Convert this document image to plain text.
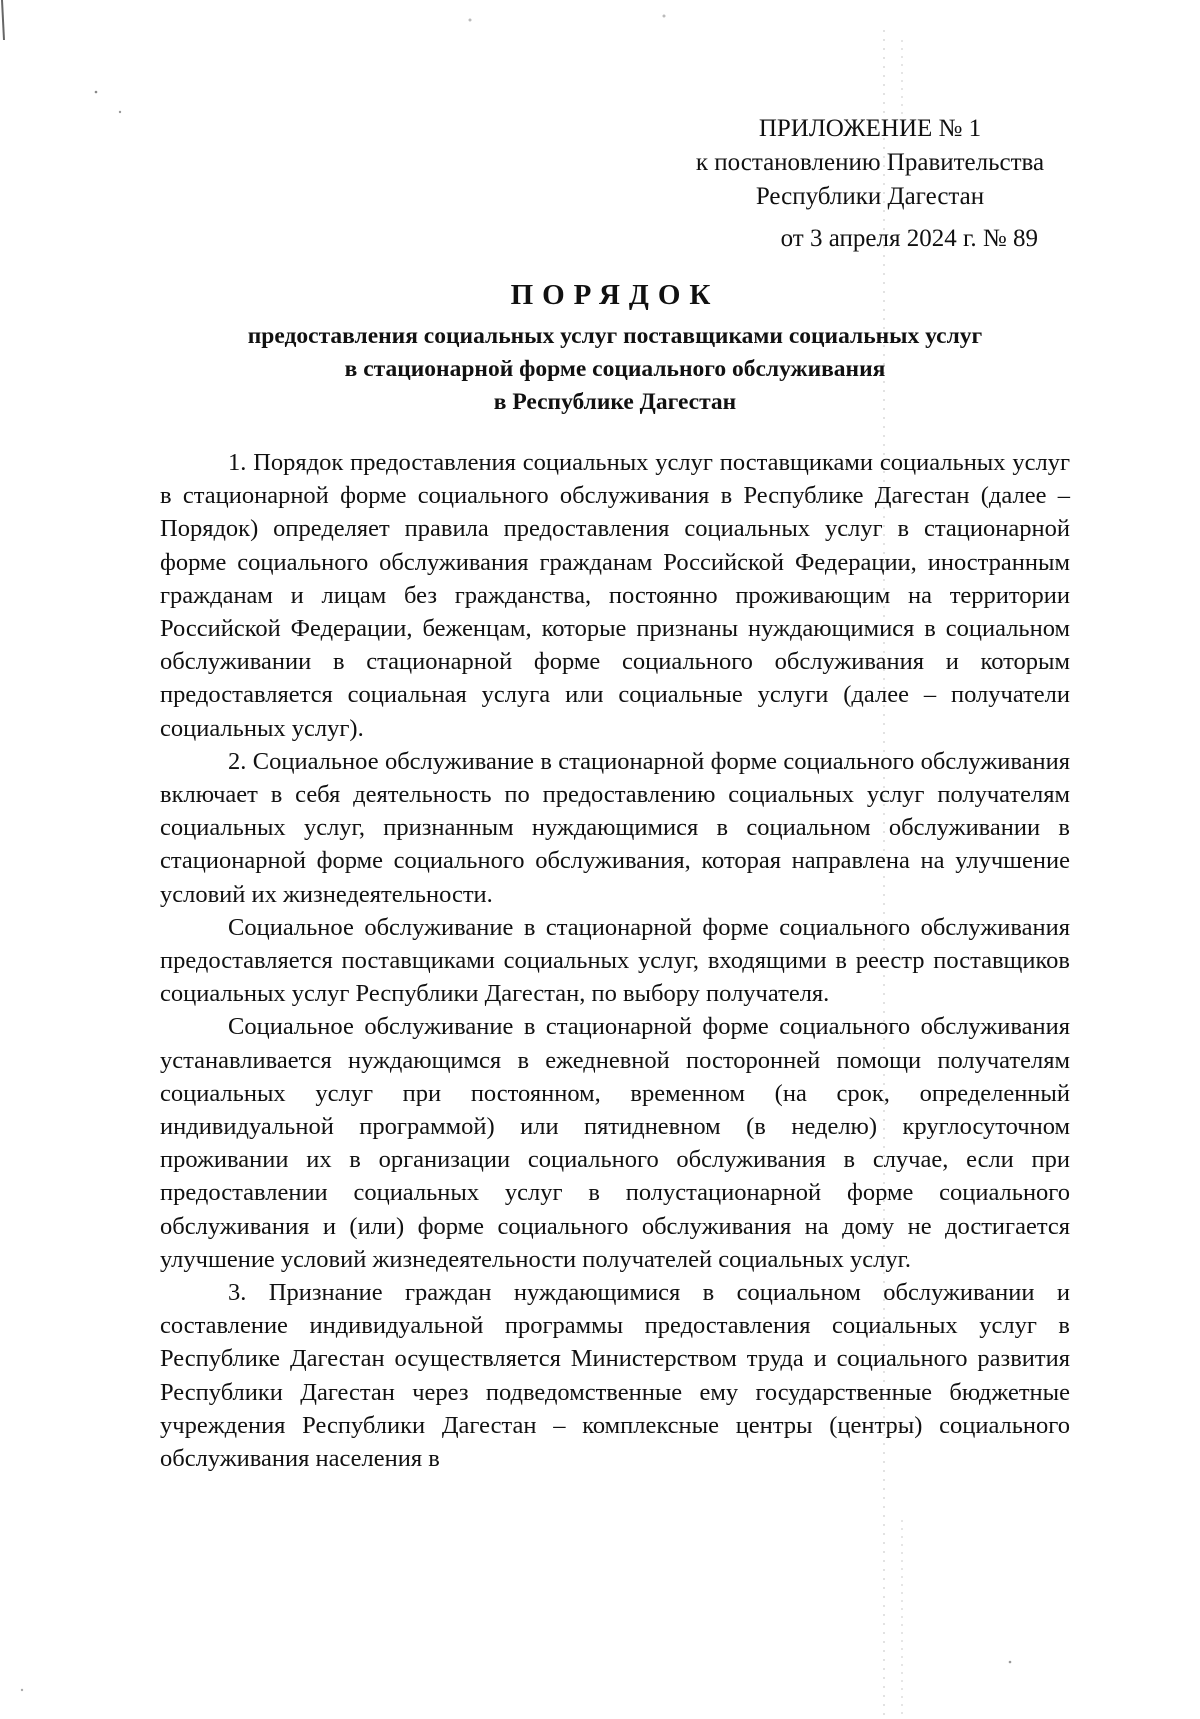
ПРИЛОЖЕНИЕ № 1
к постановлению Правительства
Республики Дагестан
от 3 апреля 2024 г. № 89
ПОРЯДОК
предоставления социальных услуг поставщиками социальных услуг
в стационарной форме социального обслуживания
в Республике Дагестан

1. Порядок предоставления социальных услуг поставщиками социальных услуг в стационарной форме социального обслуживания в Республике Дагестан (далее – Порядок) определяет правила предоставления социальных услуг в стационарной форме социального обслуживания гражданам Российской Федерации, иностранным гражданам и лицам без гражданства, постоянно проживающим на территории Российской Федерации, беженцам, которые признаны нуждающимися в социальном обслуживании в стационарной форме социального обслуживания и которым предоставляется социальная услуга или социальные услуги (далее – получатели социальных услуг).

2. Социальное обслуживание в стационарной форме социального обслуживания включает в себя деятельность по предоставлению социальных услуг получателям социальных услуг, признанным нуждающимися в социальном обслуживании в стационарной форме социального обслуживания, которая направлена на улучшение условий их жизнедеятельности.

Социальное обслуживание в стационарной форме социального обслуживания предоставляется поставщиками социальных услуг, входящими в реестр поставщиков социальных услуг Республики Дагестан, по выбору получателя.

Социальное обслуживание в стационарной форме социального обслуживания устанавливается нуждающимся в ежедневной посторонней помощи получателям социальных услуг при постоянном, временном (на срок, определенный индивидуальной программой) или пятидневном (в неделю) круглосуточном проживании их в организации социального обслуживания в случае, если при предоставлении социальных услуг в полустационарной форме социального обслуживания и (или) форме социального обслуживания на дому не достигается улучшение условий жизнедеятельности получателей социальных услуг.

3. Признание граждан нуждающимися в социальном обслуживании и составление индивидуальной программы предоставления социальных услуг в Республике Дагестан осуществляется Министерством труда и социального развития Республики Дагестан через подведомственные ему государственные бюджетные учреждения Республики Дагестан – комплексные центры (центры) социального обслуживания населения в
